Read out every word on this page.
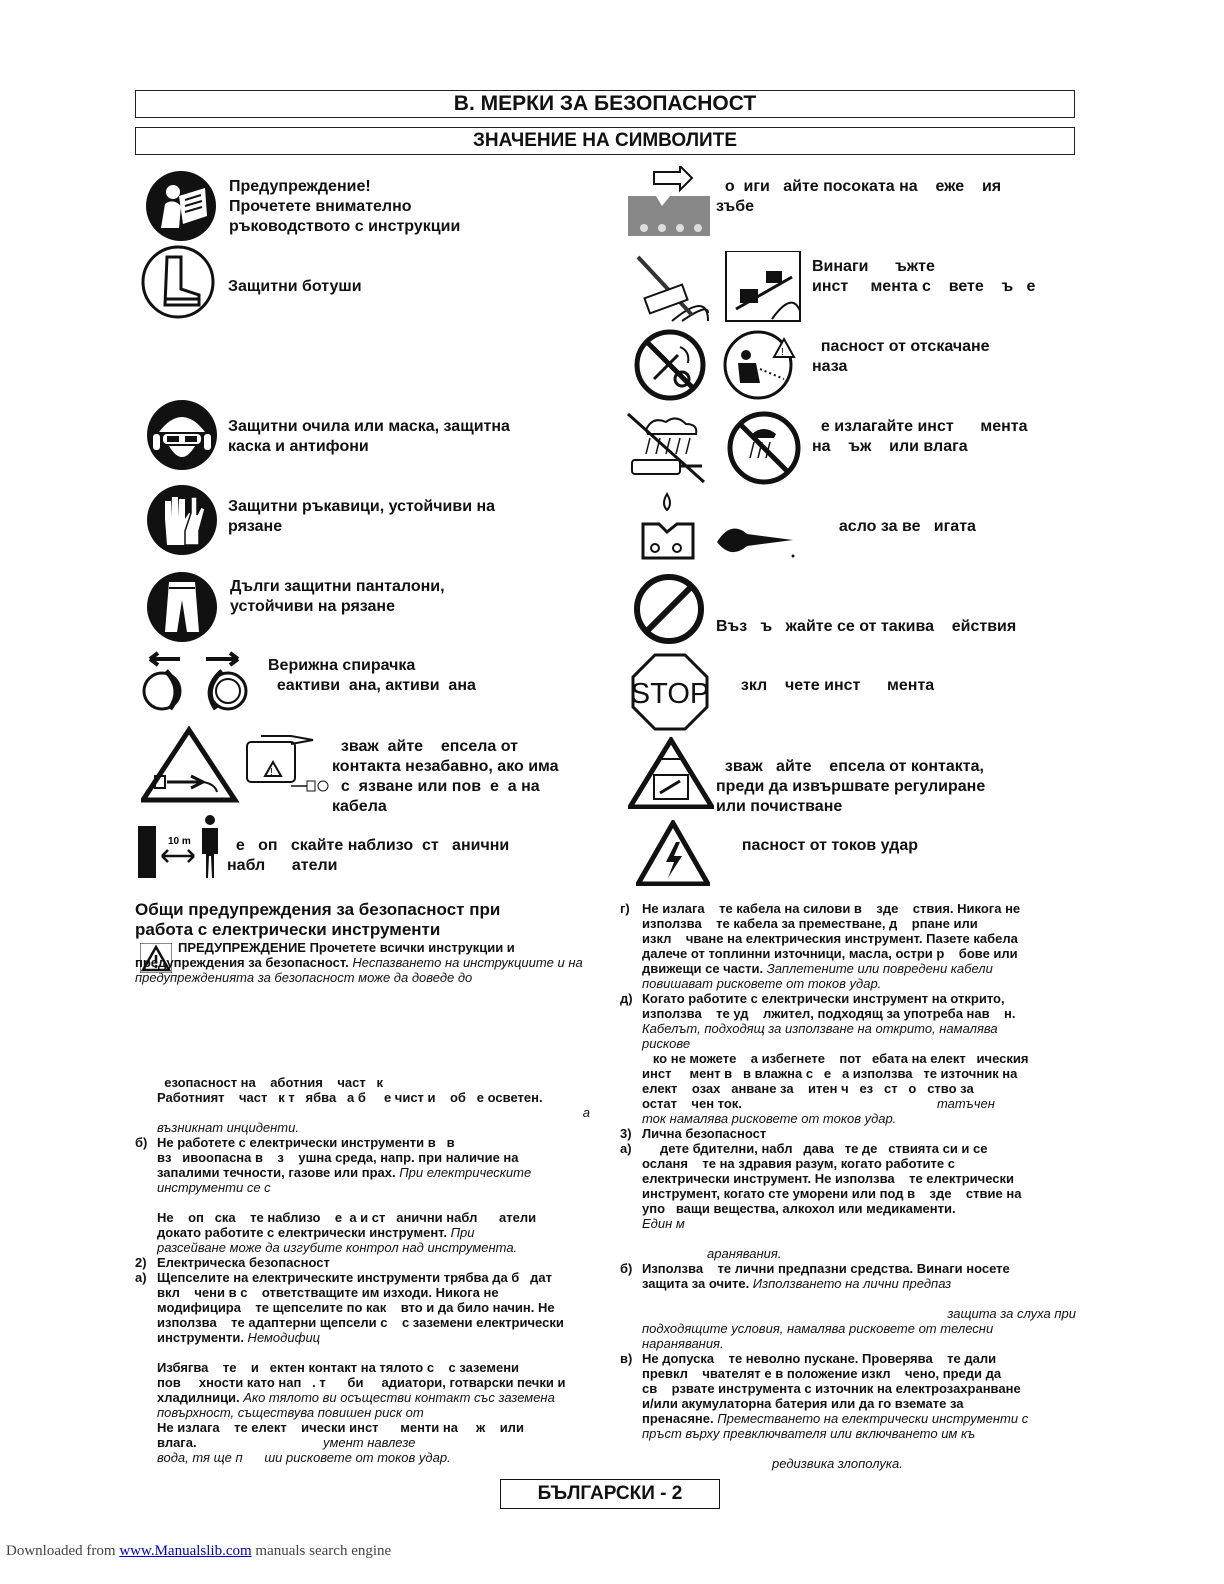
B. МЕРКИ ЗА БЕЗОПАСНОСТ
ЗНАЧЕНИЕ НА СИМВОЛИТЕ
Предупреждение!
Прочетете внимателно
ръководството с инструкции
Защитни ботуши
Защитни очила или маска, защитна
каска и антифони
Защитни ръкавици, устойчиви на
рязане
Дълги защитни панталони,
устойчиви на рязане
Верижна спирачка
еактиви  ана, активи  ана
!
зваж  айте    епсела от
контакта незабавно, ако има
с  язване или пов  е  а на
кабела
10 m	е   оп   скайте наблизо  ст   анични
набл      атели
о  иги   айте посоката на    еже    ия
зъбе
Винаги      ъжте
инст     мента с    вете    ъ   е
!	пасност от отскачане
наза
е излагайте инст      мента
на    ъж    или влага
асло за ве   игата
Въз   ъ   жайте се от такива    ействия
STOP зкл    чете инст      мента
зваж   айте    епсела от контакта,
преди да извършвате регулиране
или почистване
пасност от токов удар
Общи предупреждения за безопасност при
работа с електрически инструменти
ПРЕДУПРЕЖДЕНИЕ Прочетете всички инструкции и предупреждения за безопасност. Неспазването на инструкциите и на предупрежденията за безопасност може да доведе до
езопасност на    аботния    част   к
Работният    част   к т   ябва   а б     е чист и    об   е осветен.
а
възникнат инциденти.
б) Не работете с електрически инструменти в   в
вз   ивоопасна в    з    ушна среда, напр. при наличие на
запалими течности, газове или прах. При електрическите
инструменти се с
Не    оп   ска    те наблизо    е  а и ст   анични набл      атели
докато работите с електрически инструмент. При
разсейване може да изгубите контрол над инструмента.
2) Електрическа безопасност
а) Щепселите на електрическите инструменти трябва да б   дат
вкл    чени в с    ответстващите им изходи. Никога не
модифицира    те щепселите по как    вто и да било начин. Не
използва    те адаптерни щепсели с    с заземени електрически
инструменти. Немодифиц
Избягва    те    и   ектен контакт на тялото с    с заземени
пов     хности като нап   . т      би     адиатори, готварски печки и
хладилници. Ако тялото ви осъществи контакт със заземена
повърхност, съществува повишен риск от
Не излага    те елект    ически инст      менти на     ж    или
влага.                                   умент навлезе
вода, тя ще п      ши рисковете от токов удар.
г) Не излага    те кабела на силови в    зде    ствия. Никога не
използва    те кабела за преместване, д    рпане или
изкл    чване на електрическия инструмент. Пазете кабела
далече от топлинни източници, масла, остри р    бове или
движещи се части. Заплетените или повредени кабели
повишават рисковете от токов удар.
д) Когато работите с електрически инструмент на открито,
използва    те уд    лжител, подходящ за употреба нав    н.
Кабелът, подходящ за използване на открито, намалява
рискове
ко не можете    а избегнете    пот   ебата на елект   ическия
инст     мент в   в влажна с   е   а използва   те източник на
елект    озах   анване за    итен ч   ез   ст   о   ство за
остат    чен ток.                                                      татъчен
ток намалява рисковете от токов удар.
3) Лична безопасност
а) дете бдителни, набл   дава   те де   ствията си и се
осланя    те на здравия разум, когато работите с
електрически инструмент. Не използва    те електрически
инструмент, когато сте уморени или под в    зде    ствие на
упо   ващи вещества, алкохол или медикаменти.
Един м
аранявания.
б) Използва    те лични предпазни средства. Винаги носете
защита за очите. Използването на лични предпаз
защита за слуха при
подходящите условия, намалява рисковете от телесни
наранявания.
в) Не допуска    те неволно пускане. Проверява    те дали
превкл    чвателят е в положение изкл    чено, преди да
св    рзвате инструмента с източник на електрозахранване
и/или акумулаторна батерия или да го вземате за
пренасяне. Преместването на електрически инструменти с
пръст върху превключвателя или включването им къ
редизвика злополука.
БЪЛГАРСКИ - 2
Downloaded from www.Manualslib.com manuals search engine
